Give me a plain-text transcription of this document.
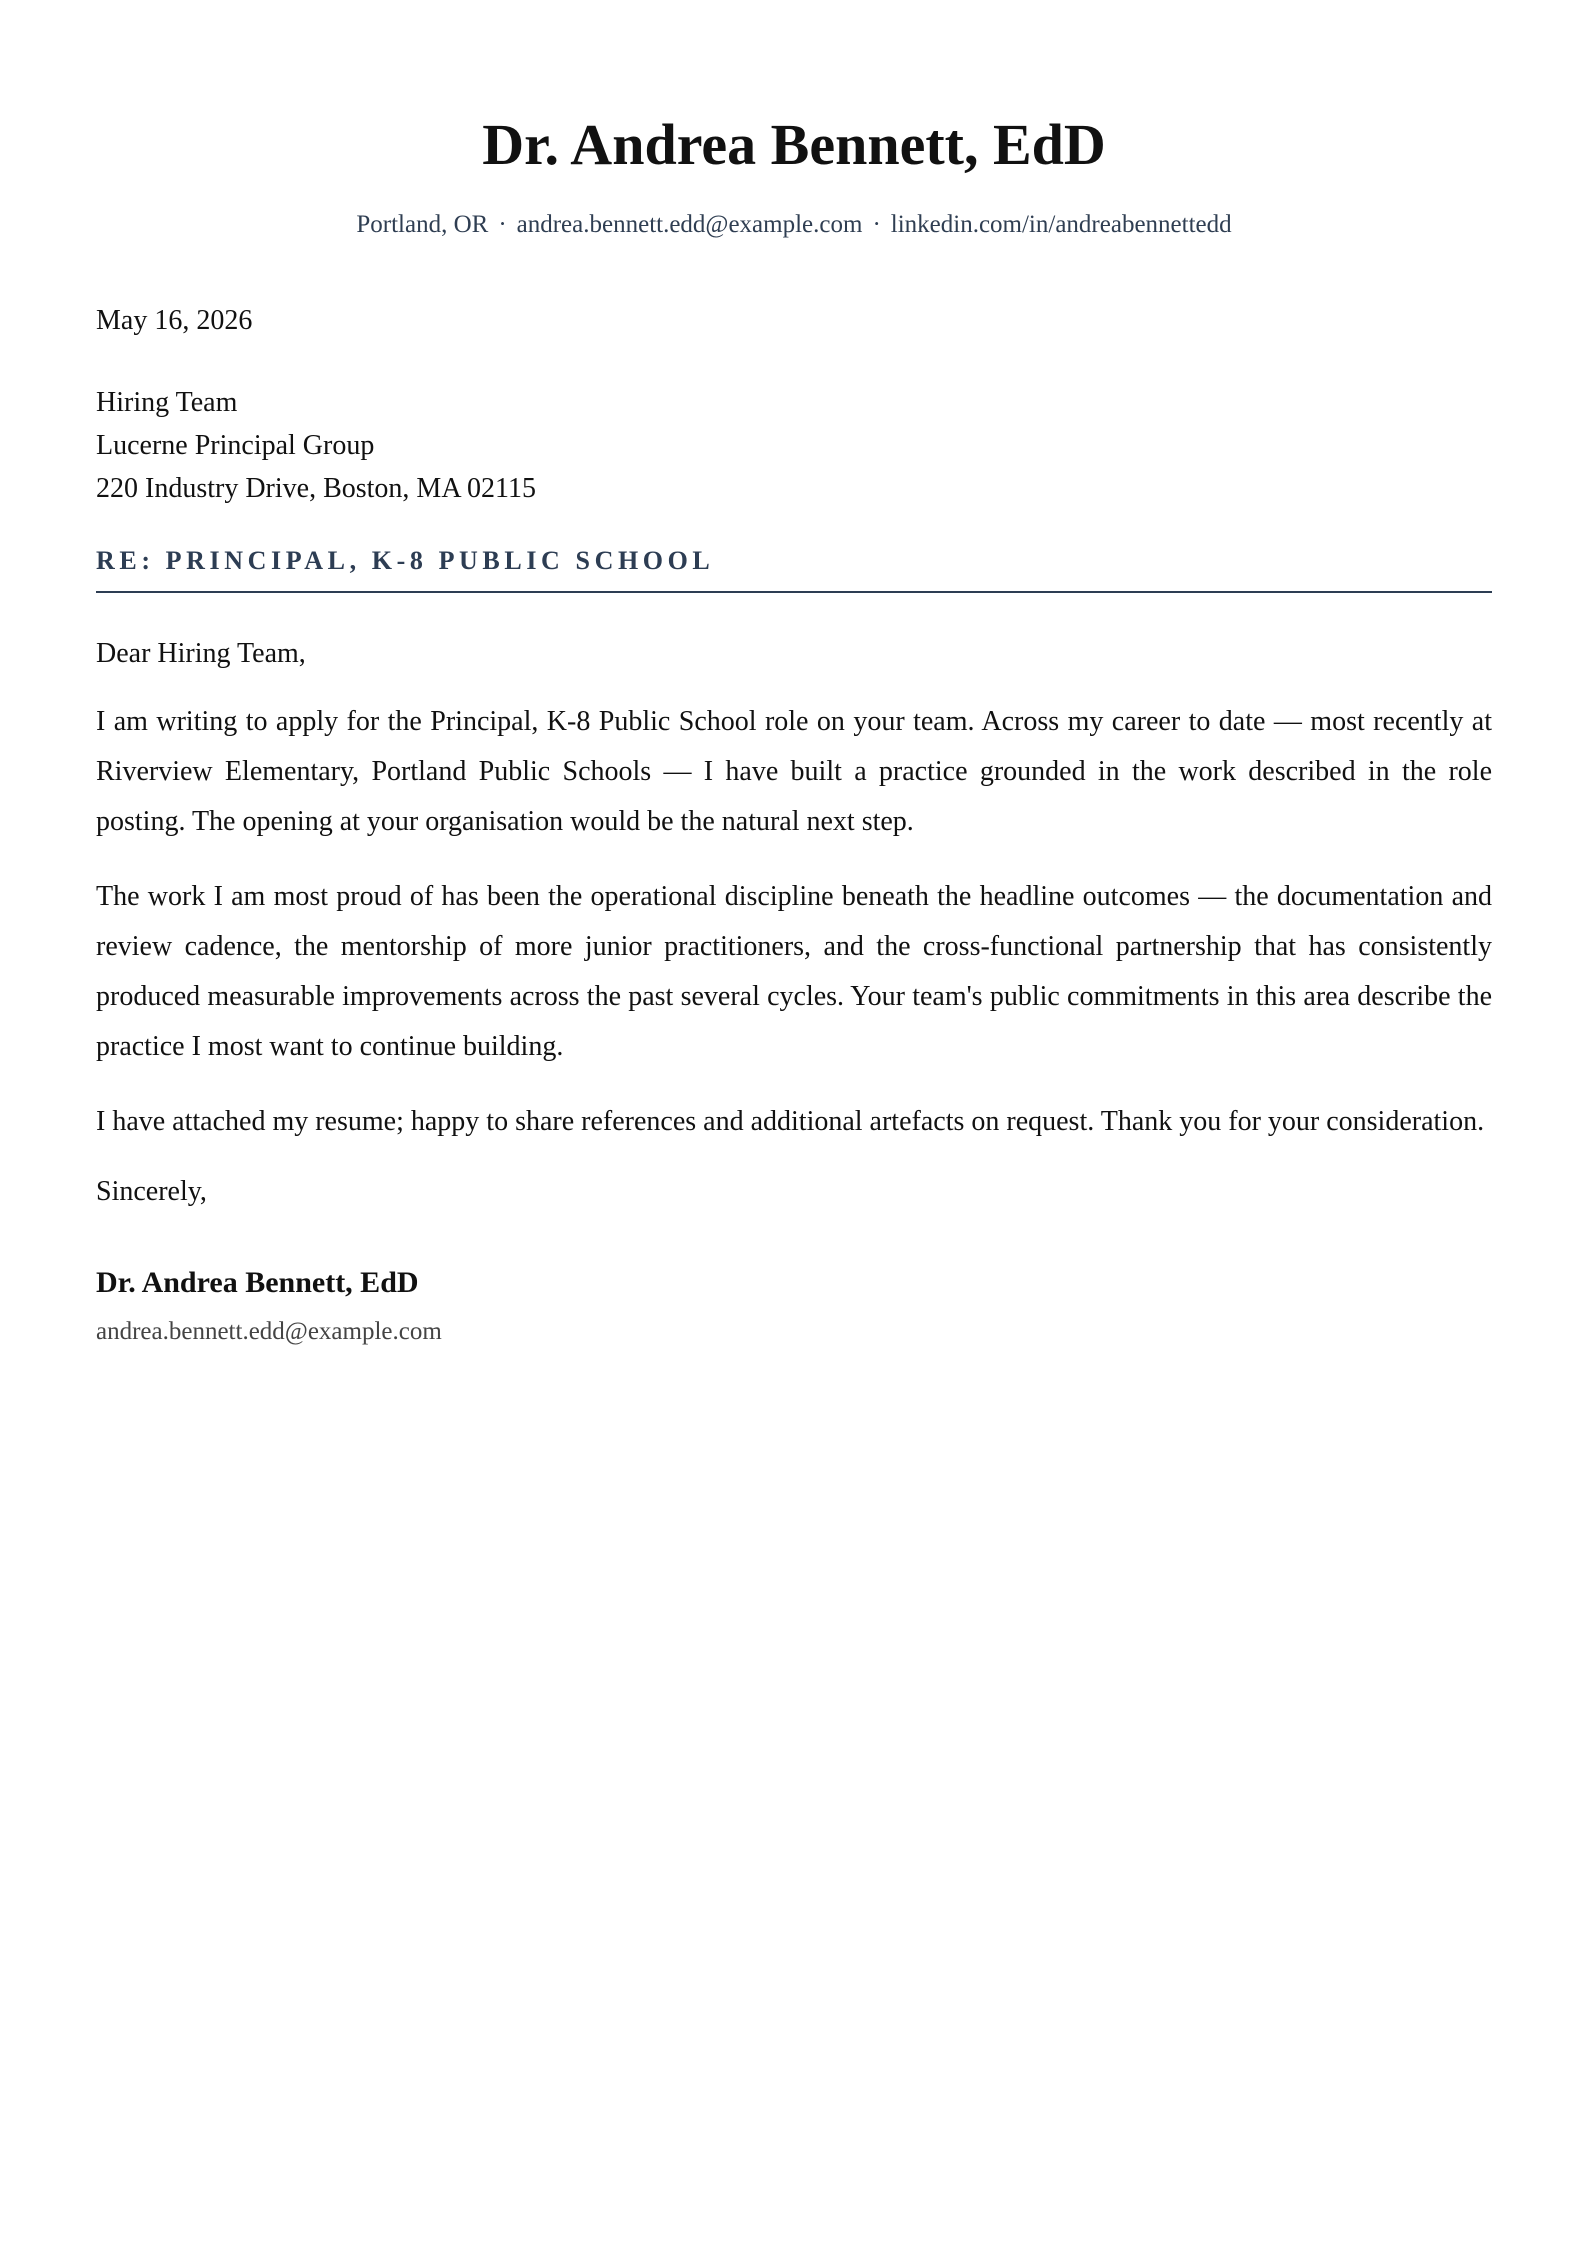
Dr. Andrea Bennett, EdD
Portland, OR · andrea.bennett.edd@example.com · linkedin.com/in/andreabennettedd
May 16, 2026
Hiring Team
Lucerne Principal Group
220 Industry Drive, Boston, MA 02115
RE: PRINCIPAL, K-8 PUBLIC SCHOOL
Dear Hiring Team,

I am writing to apply for the Principal, K-8 Public School role on your team. Across my career to date — most recently at Riverview Elementary, Portland Public Schools — I have built a practice grounded in the work described in the role posting. The opening at your organisation would be the natural next step.

The work I am most proud of has been the operational discipline beneath the headline outcomes — the documentation and review cadence, the mentorship of more junior practitioners, and the cross-functional partnership that has consistently produced measurable improvements across the past several cycles. Your team's public commitments in this area describe the practice I most want to continue building.

I have attached my resume; happy to share references and additional artefacts on request. Thank you for your consideration.

Sincerely,
Dr. Andrea Bennett, EdD
andrea.bennett.edd@example.com
